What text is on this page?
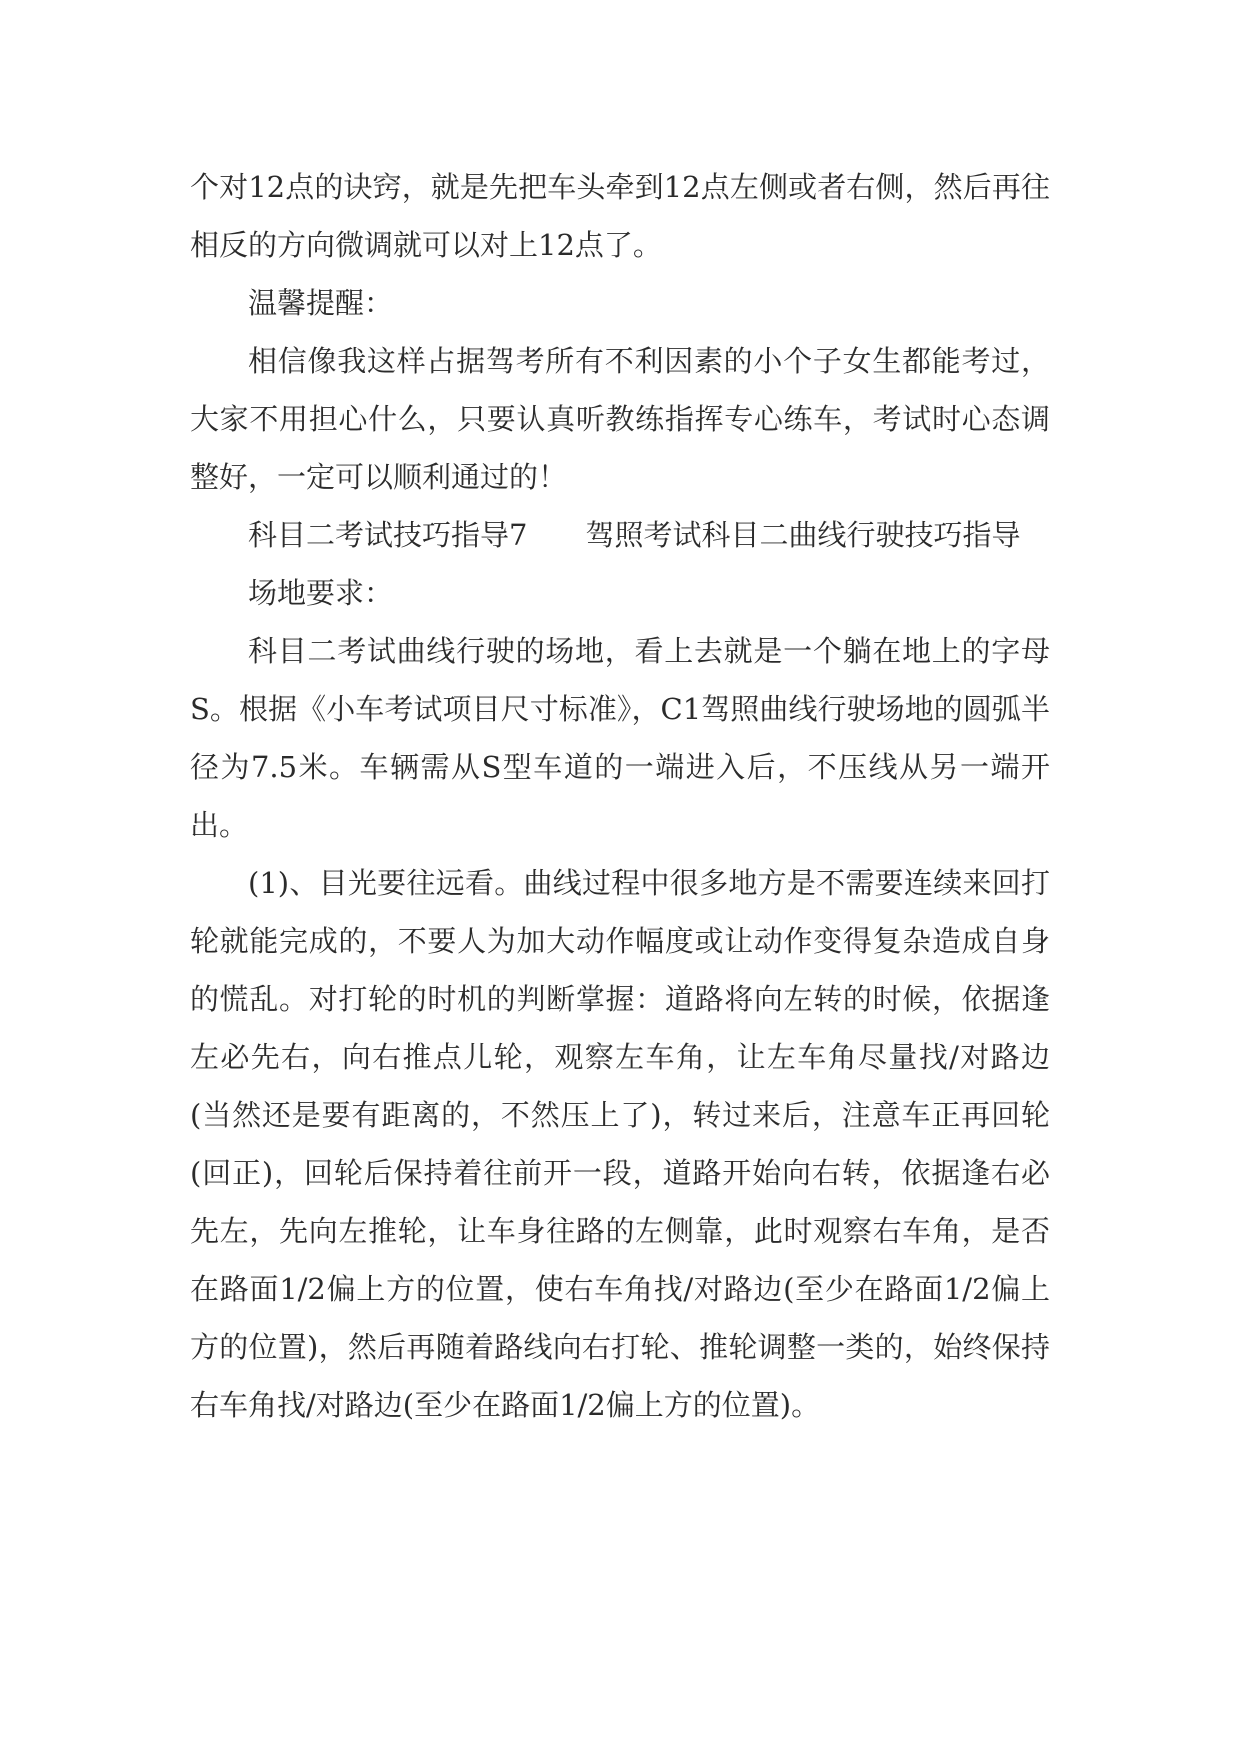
个对12点的诀窍，就是先把车头牵到12点左侧或者右侧，然后再往相反的方向微调就可以对上12点了。

温馨提醒：

相信像我这样占据驾考所有不利因素的小个子女生都能考过，大家不用担心什么，只要认真听教练指挥专心练车，考试时心态调整好，一定可以顺利通过的！

科目二考试技巧指导7　　驾照考试科目二曲线行驶技巧指导

场地要求：

科目二考试曲线行驶的场地，看上去就是一个躺在地上的字母S。根据《小车考试项目尺寸标准》，C1驾照曲线行驶场地的圆弧半径为7.5米。车辆需从S型车道的一端进入后，不压线从另一端开出。

(1)、目光要往远看。曲线过程中很多地方是不需要连续来回打轮就能完成的，不要人为加大动作幅度或让动作变得复杂造成自身的慌乱。对打轮的时机的判断掌握：道路将向左转的时候，依据逢左必先右，向右推点儿轮，观察左车角，让左车角尽量找/对路边(当然还是要有距离的，不然压上了)，转过来后，注意车正再回轮(回正)，回轮后保持着往前开一段，道路开始向右转，依据逢右必先左，先向左推轮，让车身往路的左侧靠，此时观察右车角，是否在路面1/2偏上方的位置，使右车角找/对路边(至少在路面1/2偏上方的位置)，然后再随着路线向右打轮、推轮调整一类的，始终保持右车角找/对路边(至少在路面1/2偏上方的位置)。
